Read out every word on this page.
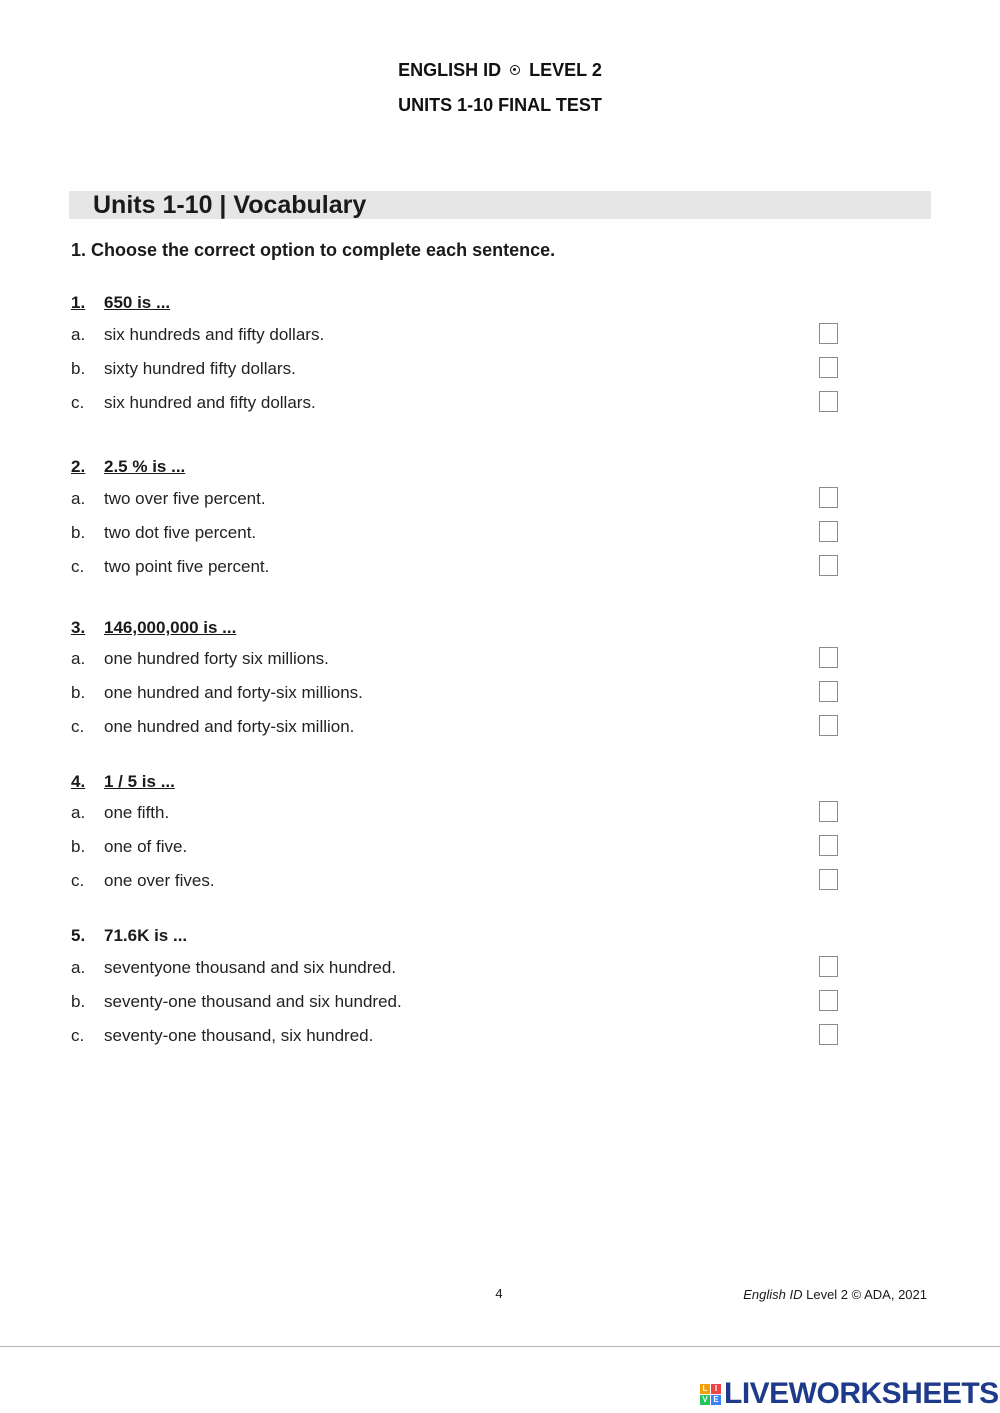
ENGLISH ID LEVEL 2
UNITS 1-10 FINAL TEST
Units 1-10 | Vocabulary
1. Choose the correct option to complete each sentence.
1. 650 is ...
a. six hundreds and fifty dollars.
b. sixty hundred fifty dollars.
c. six hundred and fifty dollars.
2. 2.5 % is ...
a. two over five percent.
b. two dot five percent.
c. two point five percent.
3. 146,000,000 is ...
a. one hundred forty six millions.
b. one hundred and forty-six millions.
c. one hundred and forty-six million.
4. 1 / 5 is ...
a. one fifth.
b. one of five.
c. one over fives.
5. 71.6K is ...
a. seventyone thousand and six hundred.
b. seventy-one thousand and six hundred.
c. seventy-one thousand, six hundred.
4	English ID Level 2 © ADA, 2021
L I
V E LIVEWORKSHEETS
